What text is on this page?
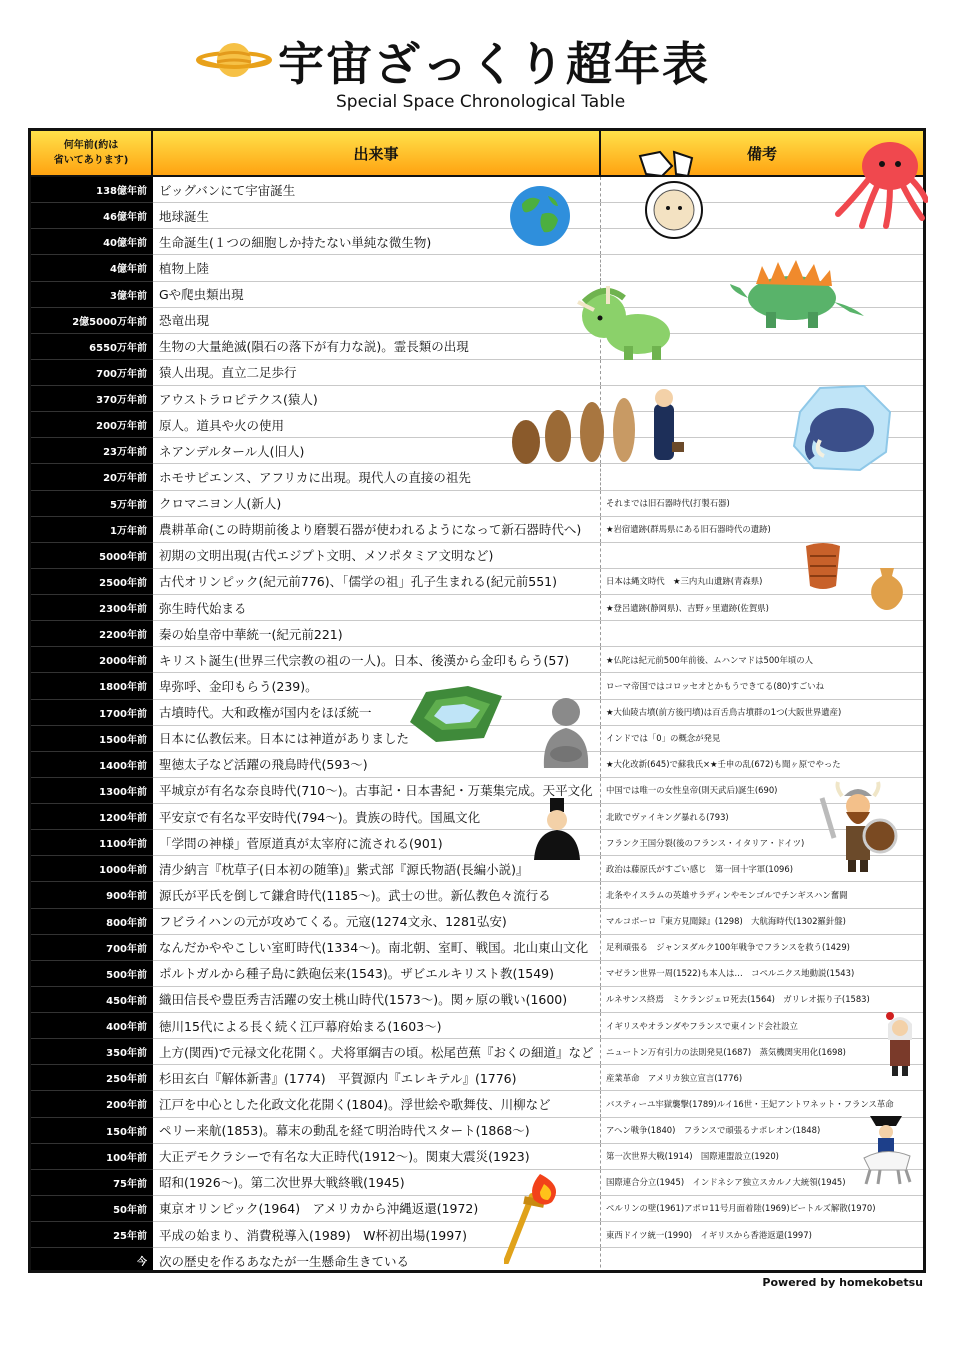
宇宙ざっくり超年表
Special Space Chronological Table
何年前(約は
省いてあります)	出来事	備考
138億年前 ビッグバンにて宇宙誕生
46億年前 地球誕生
40億年前 生命誕生(１つの細胞しか持たない単純な微生物)
4億年前 植物上陸
3億年前 Gや爬虫類出現
2億5000万年前 恐竜出現
6550万年前 生物の大量絶滅(隕石の落下が有力な説)。霊長類の出現
700万年前 猿人出現。直立二足歩行
370万年前 アウストラロピテクス(猿人)
200万年前 原人。道具や火の使用
23万年前 ネアンデルタール人(旧人)
20万年前 ホモサピエンス、アフリカに出現。現代人の直接の祖先
5万年前 クロマニヨン人(新人)	それまでは旧石器時代(打製石器)
1万年前 農耕革命(この時期前後より磨製石器が使われるようになって新石器時代へ)	★岩宿遺跡(群馬県にある旧石器時代の遺跡)
5000年前 初期の文明出現(古代エジプト文明、メソポタミア文明など)
2500年前 古代オリンピック(紀元前776)、「儒学の祖」孔子生まれる(紀元前551)	日本は縄文時代　★三内丸山遺跡(青森県)
2300年前 弥生時代始まる	★登呂遺跡(静岡県)、吉野ヶ里遺跡(佐賀県)
2200年前 秦の始皇帝中華統一(紀元前221)
2000年前 キリスト誕生(世界三代宗教の祖の一人)。日本、後漢から金印もらう(57)	★仏陀は紀元前500年前後、ムハンマドは500年頃の人
1800年前 卑弥呼、金印もらう(239)。	ローマ帝国ではコロッセオとかもうできてる(80)すごいね
1700年前 古墳時代。大和政権が国内をほぼ統一	★大仙陵古墳(前方後円墳)は百舌鳥古墳群の1つ(大阪世界遺産)
1500年前 日本に仏教伝来。日本には神道がありました	インドでは「0」の概念が発見
1400年前 聖徳太子など活躍の飛鳥時代(593〜)	★大化改新(645)で蘇我氏×★壬申の乱(672)も聞ヶ原でやった
1300年前 平城京が有名な奈良時代(710〜)。古事記・日本書紀・万葉集完成。天平文化	中国では唯一の女性皇帝(則天武后)誕生(690)
1200年前 平安京で有名な平安時代(794〜)。貴族の時代。国風文化	北欧でヴァイキング暴れる(793)
1100年前 「学問の神様」菅原道真が太宰府に流される(901)	フランク王国分裂(後のフランス・イタリア・ドイツ)
1000年前 清少納言『枕草子(日本初の随筆)』紫式部『源氏物語(長編小説)』	政治は藤原氏がすごい感じ　第一回十字軍(1096)
900年前 源氏が平氏を倒して鎌倉時代(1185〜)。武士の世。新仏教色々流行る	北条やイスラムの英雄サラディンやモンゴルでチンギスハン奮闘
800年前 フビライハンの元が攻めてくる。元寇(1274文永、1281弘安)	マルコポーロ『東方見聞録』(1298)　大航海時代(1302羅針盤)
700年前 なんだかややこしい室町時代(1334〜)。南北朝、室町、戦国。北山東山文化	足利頑張る　ジャンヌダルク100年戦争でフランスを救う(1429)
500年前 ポルトガルから種子島に鉄砲伝来(1543)。ザビエルキリスト教(1549)	マゼラン世界一周(1522)も本人は…　コペルニクス地動説(1543)
450年前 織田信長や豊臣秀吉活躍の安土桃山時代(1573〜)。関ヶ原の戦い(1600)	ルネサンス終焉　ミケランジェロ死去(1564)　ガリレオ振り子(1583)
400年前 徳川15代による長く続く江戸幕府始まる(1603〜)	イギリスやオランダやフランスで東インド会社設立
350年前 上方(関西)で元禄文化花開く。犬将軍綱吉の頃。松尾芭蕉『おくの細道』など	ニュートン万有引力の法則発見(1687)　蒸気機関実用化(1698)
250年前 杉田玄白『解体新書』(1774)　平賀源内『エレキテル』(1776)	産業革命　アメリカ独立宣言(1776)
200年前 江戸を中心とした化政文化花開く(1804)。浮世絵や歌舞伎、川柳など	バスティーユ牢獄襲撃(1789)ルイ16世・王妃アントワネット・フランス革命
150年前 ペリー来航(1853)。幕末の動乱を経て明治時代スタート(1868〜)	アヘン戦争(1840)　フランスで頑張るナポレオン(1848)
100年前 大正デモクラシーで有名な大正時代(1912〜)。関東大震災(1923)	第一次世界大戦(1914)　国際連盟設立(1920)
75年前 昭和(1926〜)。第二次世界大戦終戦(1945)	国際連合分立(1945)　インドネシア独立スカルノ大統領(1945)
50年前 東京オリンピック(1964)　アメリカから沖縄返還(1972)	ベルリンの壁(1961)アポロ11号月面着陸(1969)ビートルズ解散(1970)
25年前 平成の始まり、消費税導入(1989)　W杯初出場(1997)	東西ドイツ統一(1990)　イギリスから香港返還(1997)
今 次の歴史を作るあなたが一生懸命生きている
Powered by homekobetsu
